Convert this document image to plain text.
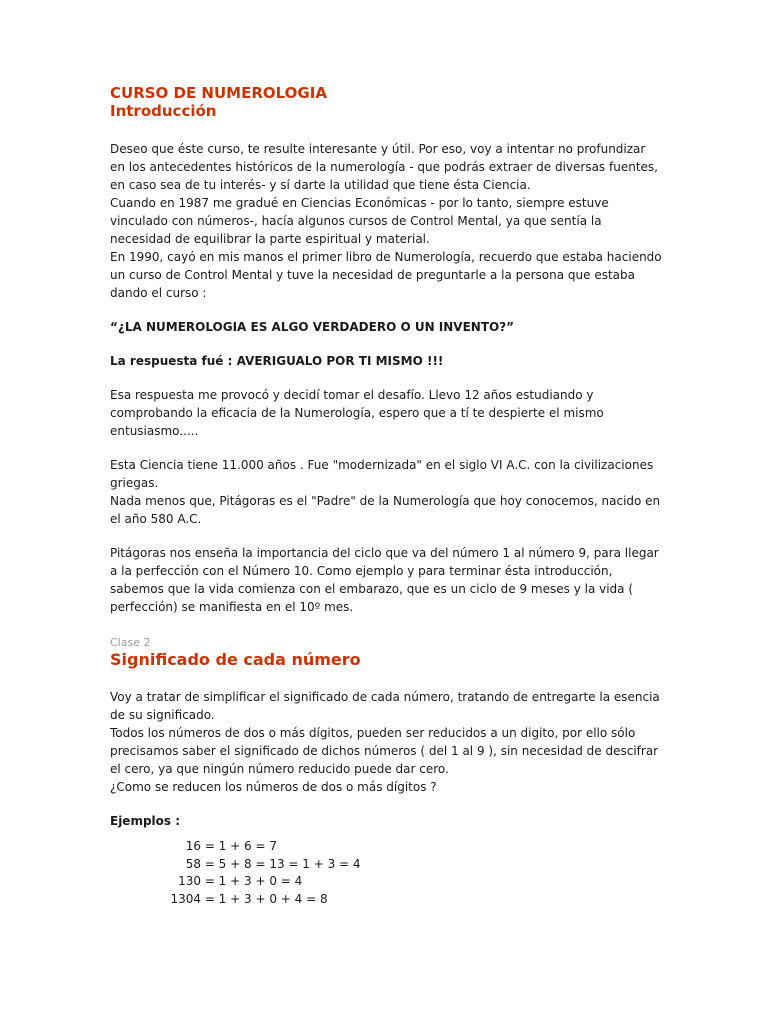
CURSO DE NUMEROLOGIA
Introducción

Deseo que éste curso, te resulte interesante y útil. Por eso, voy a intentar no profundizar en los antecedentes históricos de la numerología - que podrás extraer de diversas fuentes, en caso sea de tu interés- y sí darte la utilidad que tiene ésta Ciencia.

Cuando en 1987 me gradué en Ciencias Económicas - por lo tanto, siempre estuve vinculado con números-, hacía algunos cursos de Control Mental, ya que sentía la necesidad de equilibrar la parte espiritual y material.

En 1990, cayó en mis manos el primer libro de Numerología, recuerdo que estaba haciendo un curso de Control Mental y tuve la necesidad de preguntarle a la persona que estaba dando el curso :

“¿LA NUMEROLOGIA ES ALGO VERDADERO O UN INVENTO?”

La respuesta fué : AVERIGUALO POR TI MISMO !!!

Esa respuesta me provocó y decidí tomar el desafío. Llevo 12 años estudiando y comprobando la eficacia de la Numerología, espero que a tí te despierte el mismo entusiasmo.....

Esta Ciencia tiene 11.000 años . Fue "modernizada" en el siglo VI A.C. con la civilizaciones griegas.

Nada menos que, Pitágoras es el "Padre" de la Numerología que hoy conocemos, nacido en el año 580 A.C.

Pitágoras nos enseña la importancia del ciclo que va del número 1 al número 9, para llegar a la perfección con el Número 10. Como ejemplo y para terminar ésta introducción, sabemos que la vida comienza con el embarazo, que es un ciclo de 9 meses y la vida ( perfección) se manifiesta en el 10º mes.

Clase 2

Significado de cada número

Voy a tratar de simplificar el significado de cada número, tratando de entregarte la esencia de su significado.

Todos los números de dos o más dígitos, pueden ser reducidos a un digito, por ello sólo precisamos saber el significado de dichos números ( del 1 al 9 ), sin necesidad de descifrar el cero, ya que ningún número reducido puede dar cero.

¿Como se reducen los números de dos o más dígitos ?

Ejemplos :

16 = 1 + 6 = 7
58 = 5 + 8 = 13 = 1 + 3 = 4
130 = 1 + 3 + 0 = 4
1304 = 1 + 3 + 0 + 4 = 8
